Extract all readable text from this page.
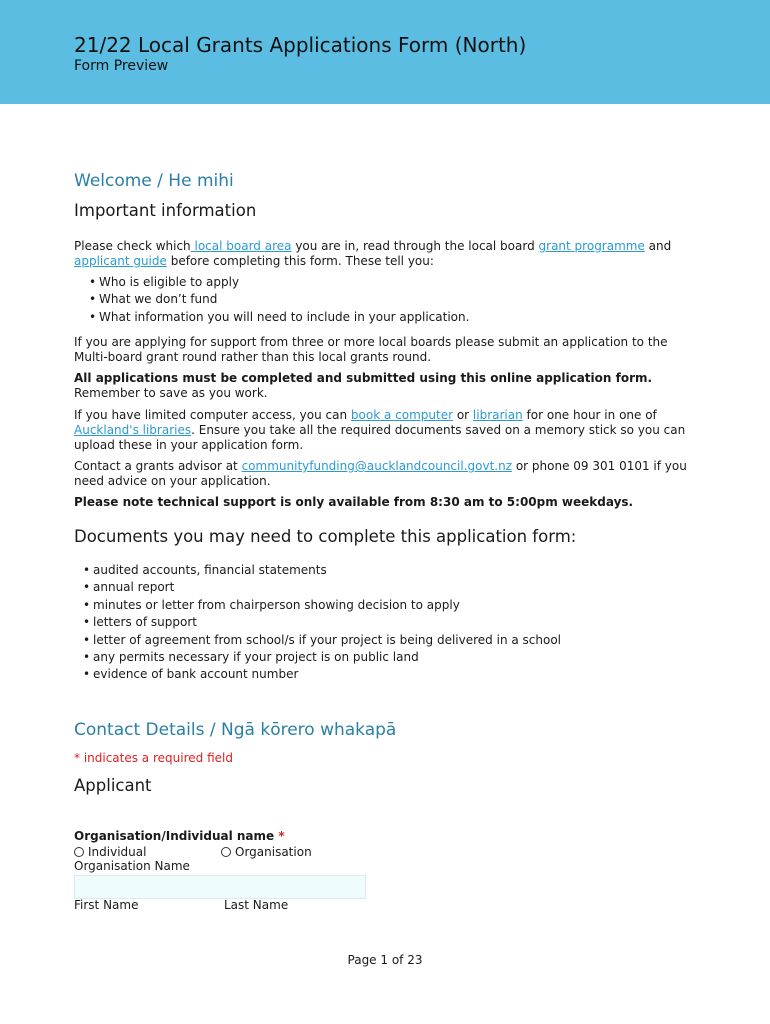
21/22 Local Grants Applications Form (North)
Form Preview
Welcome / He mihi
Important information
Please check which local board area you are in, read through the local board grant programme and applicant guide before completing this form. These tell you:
• Who is eligible to apply
• What we don’t fund
• What information you will need to include in your application.
If you are applying for support from three or more local boards please submit an application to the Multi-board grant round rather than this local grants round.
All applications must be completed and submitted using this online application form. Remember to save as you work.
If you have limited computer access, you can book a computer or librarian for one hour in one of Auckland's libraries. Ensure you take all the required documents saved on a memory stick so you can upload these in your application form.
Contact a grants advisor at communityfunding@aucklandcouncil.govt.nz or phone 09 301 0101 if you need advice on your application.
Please note technical support is only available from 8:30 am to 5:00pm weekdays.
Documents you may need to complete this application form:
• audited accounts, financial statements
• annual report
• minutes or letter from chairperson showing decision to apply
• letters of support
• letter of agreement from school/s if your project is being delivered in a school
• any permits necessary if your project is on public land
• evidence of bank account number
Contact Details / Ngā kōrero whakapā
* indicates a required field
Applicant
Organisation/Individual name *
Individual	Organisation
Organisation Name
First Name	Last Name
Page 1 of 23
